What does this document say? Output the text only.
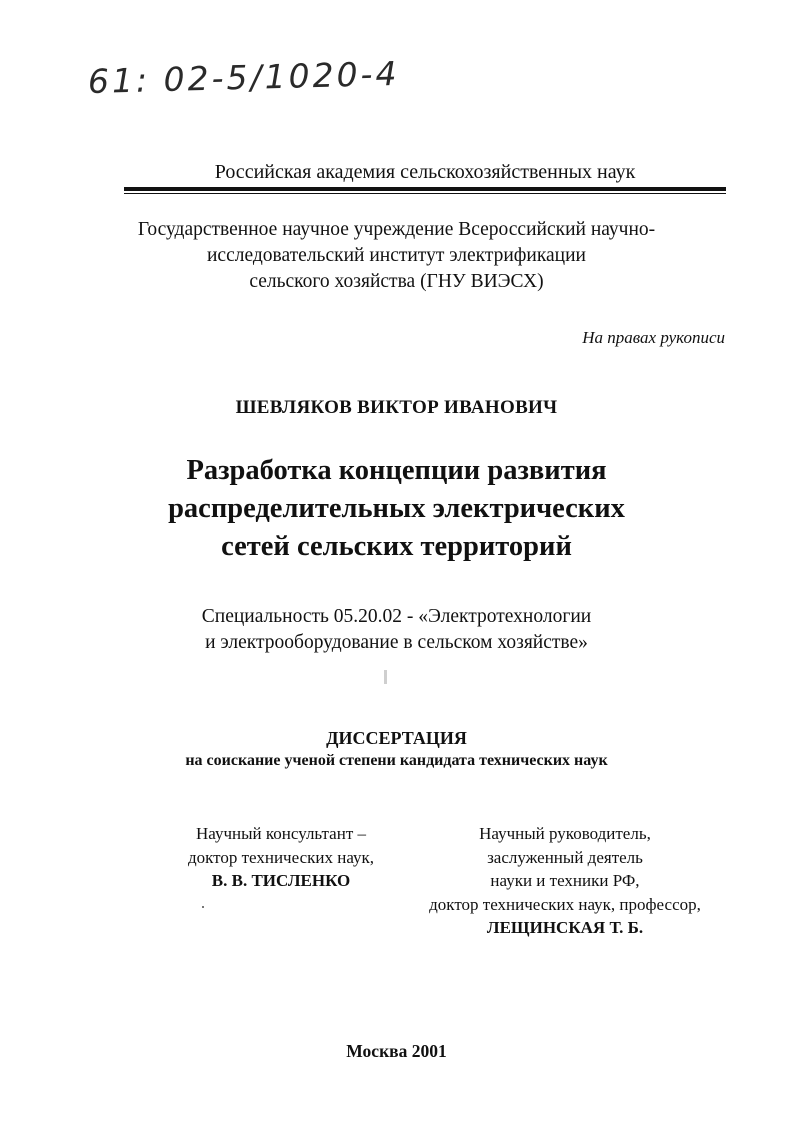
61: 02-5/1020-4
Российская академия сельскохозяйственных наук
Государственное научное учреждение Всероссийский научно-
исследовательский институт электрификации
сельского хозяйства (ГНУ ВИЭСХ)
На правах рукописи
ШЕВЛЯКОВ ВИКТОР ИВАНОВИЧ
Разработка концепции развития
распределительных электрических
сетей сельских территорий
Специальность 05.20.02 - «Электротехнологии
и электрооборудование в сельском хозяйстве»
ДИССЕРТАЦИЯ
на соискание ученой степени кандидата технических наук
Научный консультант –
доктор технических наук,
В. В. ТИСЛЕНКО
Научный руководитель,
заслуженный деятель
науки и техники РФ,
доктор технических наук, профессор,
ЛЕЩИНСКАЯ Т. Б.
Москва 2001
